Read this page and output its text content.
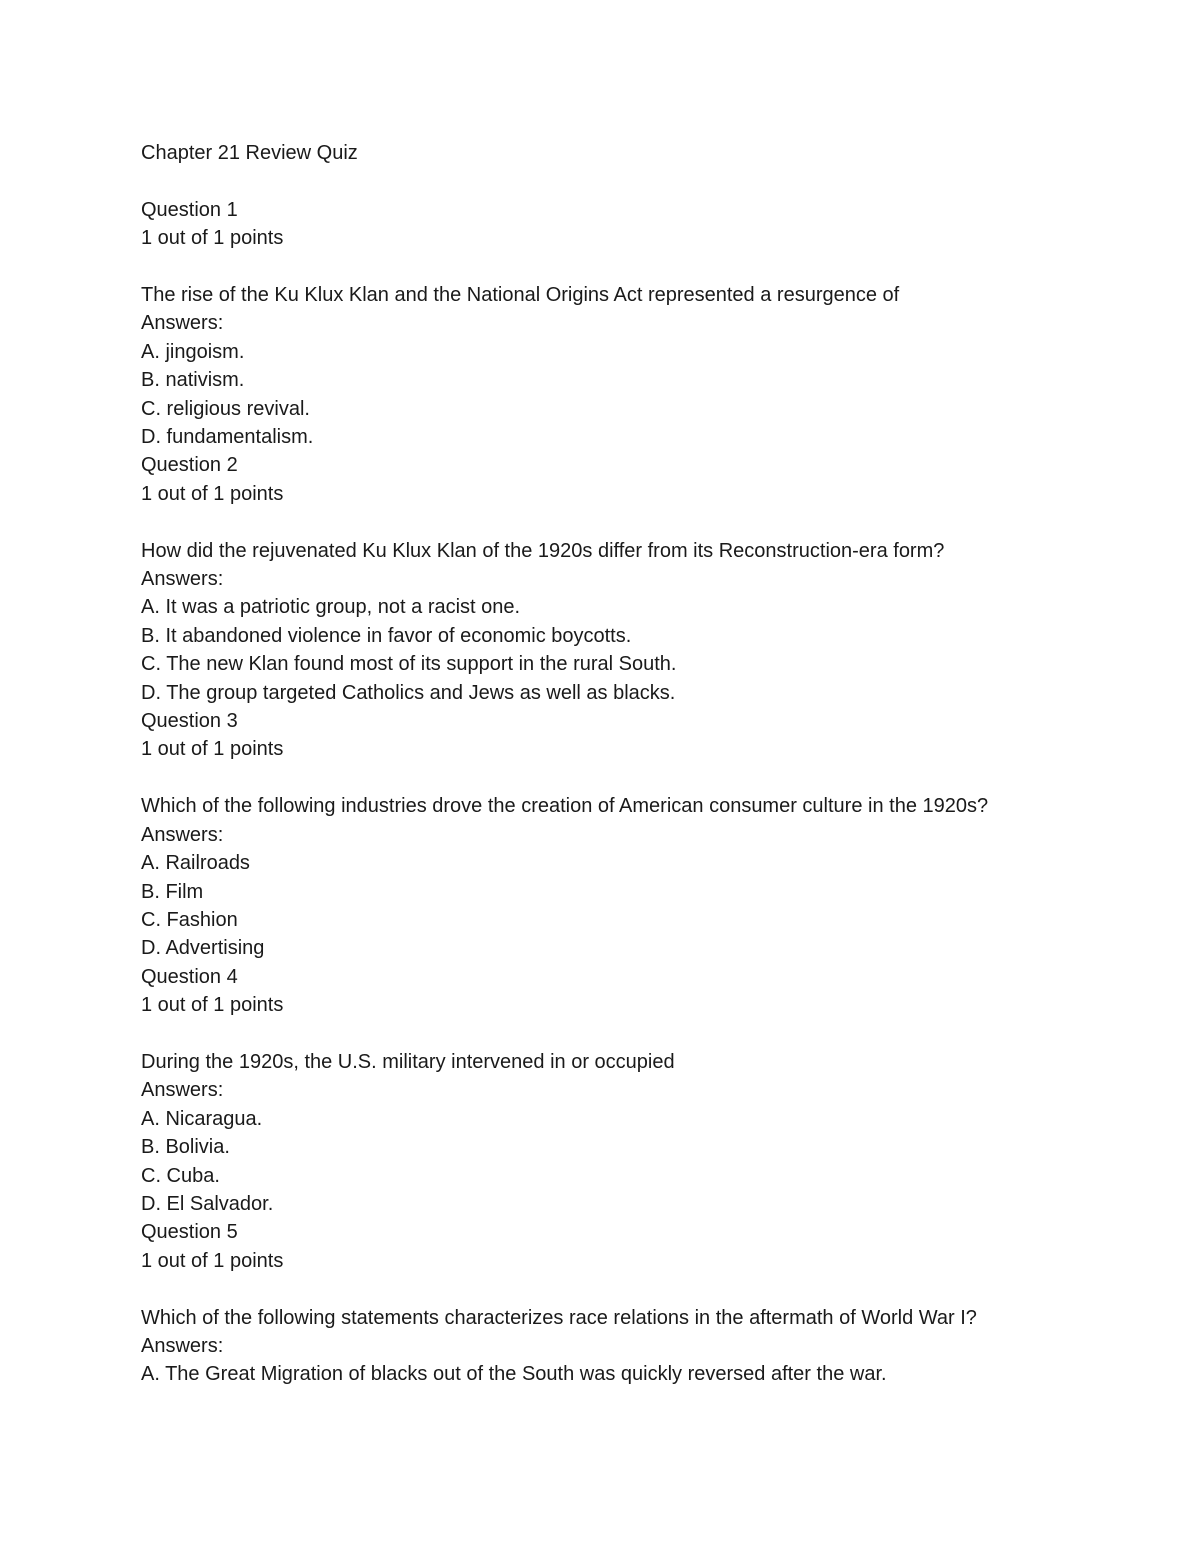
Chapter 21 Review Quiz
Question 1
1 out of 1 points
The rise of the Ku Klux Klan and the National Origins Act represented a resurgence of
Answers:
A. jingoism.
B. nativism.
C. religious revival.
D. fundamentalism.
Question 2
1 out of 1 points
How did the rejuvenated Ku Klux Klan of the 1920s differ from its Reconstruction-era form?
Answers:
A. It was a patriotic group, not a racist one.
B. It abandoned violence in favor of economic boycotts.
C. The new Klan found most of its support in the rural South.
D. The group targeted Catholics and Jews as well as blacks.
Question 3
1 out of 1 points
Which of the following industries drove the creation of American consumer culture in the 1920s?
Answers:
A. Railroads
B. Film
C. Fashion
D. Advertising
Question 4
1 out of 1 points
During the 1920s, the U.S. military intervened in or occupied
Answers:
A. Nicaragua.
B. Bolivia.
C. Cuba.
D. El Salvador.
Question 5
1 out of 1 points
Which of the following statements characterizes race relations in the aftermath of World War I?
Answers:
A. The Great Migration of blacks out of the South was quickly reversed after the war.
